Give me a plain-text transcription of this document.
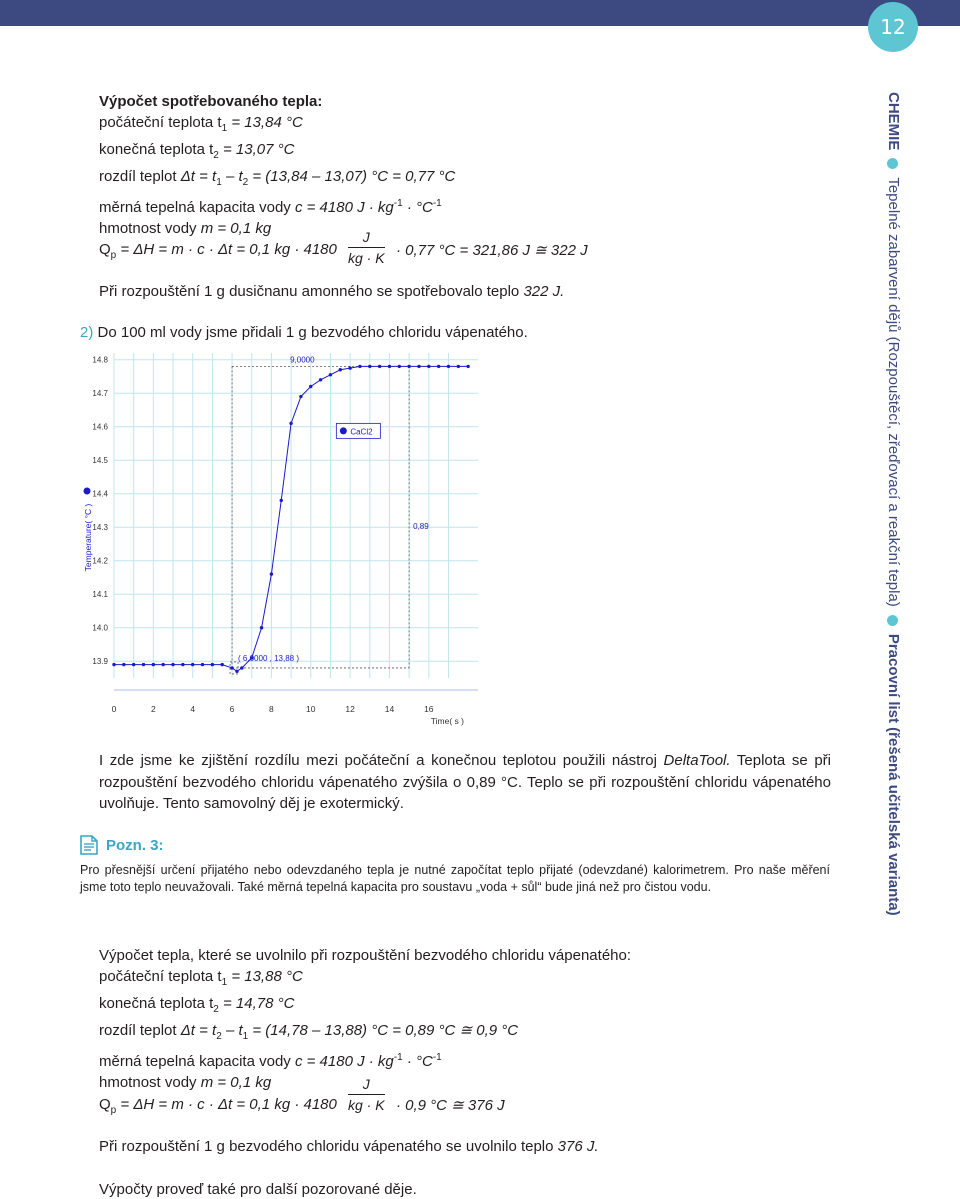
12
CHEMIETepelné zabarvení dějů (Rozpouštěcí, zřeďovací a reakční tepla)Pracovní list (řešená učitelská varianta)
Výpočet spotřebovaného tepla:
počáteční teplota $t_1 = 13,84$ °C
konečná teplota $t_2 = 13,07$ °C
rozdíl teplot $\Delta t = t_1 - t_2 = (13,84 - 13,07) ^\circ C = 0,77$ °C
měrná tepelná kapacita vody c = 4180 $J \cdot kg^{-1} \cdot ^\circ C^{-1}$
hmotnost vody m = 0,1 kg
$Q_p = \Delta H = m \cdot c \cdot \Delta t = 0,1$ kg · $4180 \frac{J}{kg \cdot K} \cdot 0,77$ °C = 321,86 J ≅ 322 J
Při rozpouštění 1 g dusičnanu amonného se spotřebovalo teplo 322 J.
2) Do 100 ml vody jsme přidali 1 g bezvodého chloridu vápenatého.
0	2	4	6	8	10	12	14	16
14.8
14.7
14.6
14.5
14.4
14.3
14.2
14.1
14.0
13.9
Time( s )
Temperature( °C )
9,0000
0,89
( 6,0000 , 13,88 )
CaCl2
I zde jsme ke zjištění rozdílu mezi počáteční a konečnou teplotou použili nástroj DeltaTool. Teplota se při rozpouštění bezvodého chloridu vápenatého zvýšila o 0,89 °C. Teplo se při rozpouštění chloridu vápenatého uvolňuje. Tento samovolný děj je exotermický.
Pozn. 3:
Pro přesnější určení přijatého nebo odevzdaného tepla je nutné započítat teplo přijaté (odevzdané) kalorimetrem. Pro naše měření jsme toto teplo neuvažovali. Také měrná tepelná kapacita pro soustavu „voda + sůl“ bude jiná než pro čistou vodu.
Výpočet tepla, které se uvolnilo při rozpouštění bezvodého chloridu vápenatého:
počáteční teplota $t_1 = 13,88$ °C
konečná teplota $t_2 = 14,78$ °C
rozdíl teplot $\Delta t = t_2 - t_1 = (14,78 - 13,88) ^\circ C = 0,89$ °C ≅ 0,9 °C
měrná tepelná kapacita vody c = 4180 $J \cdot kg^{-1} \cdot ^\circ C^{-1}$
hmotnost vody m = 0,1 kg	$\frac{J}{kg \cdot K}$
$Q_p = \Delta H = m \cdot c \cdot \Delta t = 0,1$ kg · 4180	· 0,9 °C ≅ 376 J
Při rozpouštění 1 g bezvodého chloridu vápenatého se uvolnilo teplo 376 J.
Výpočty proveď také pro další pozorované děje.
